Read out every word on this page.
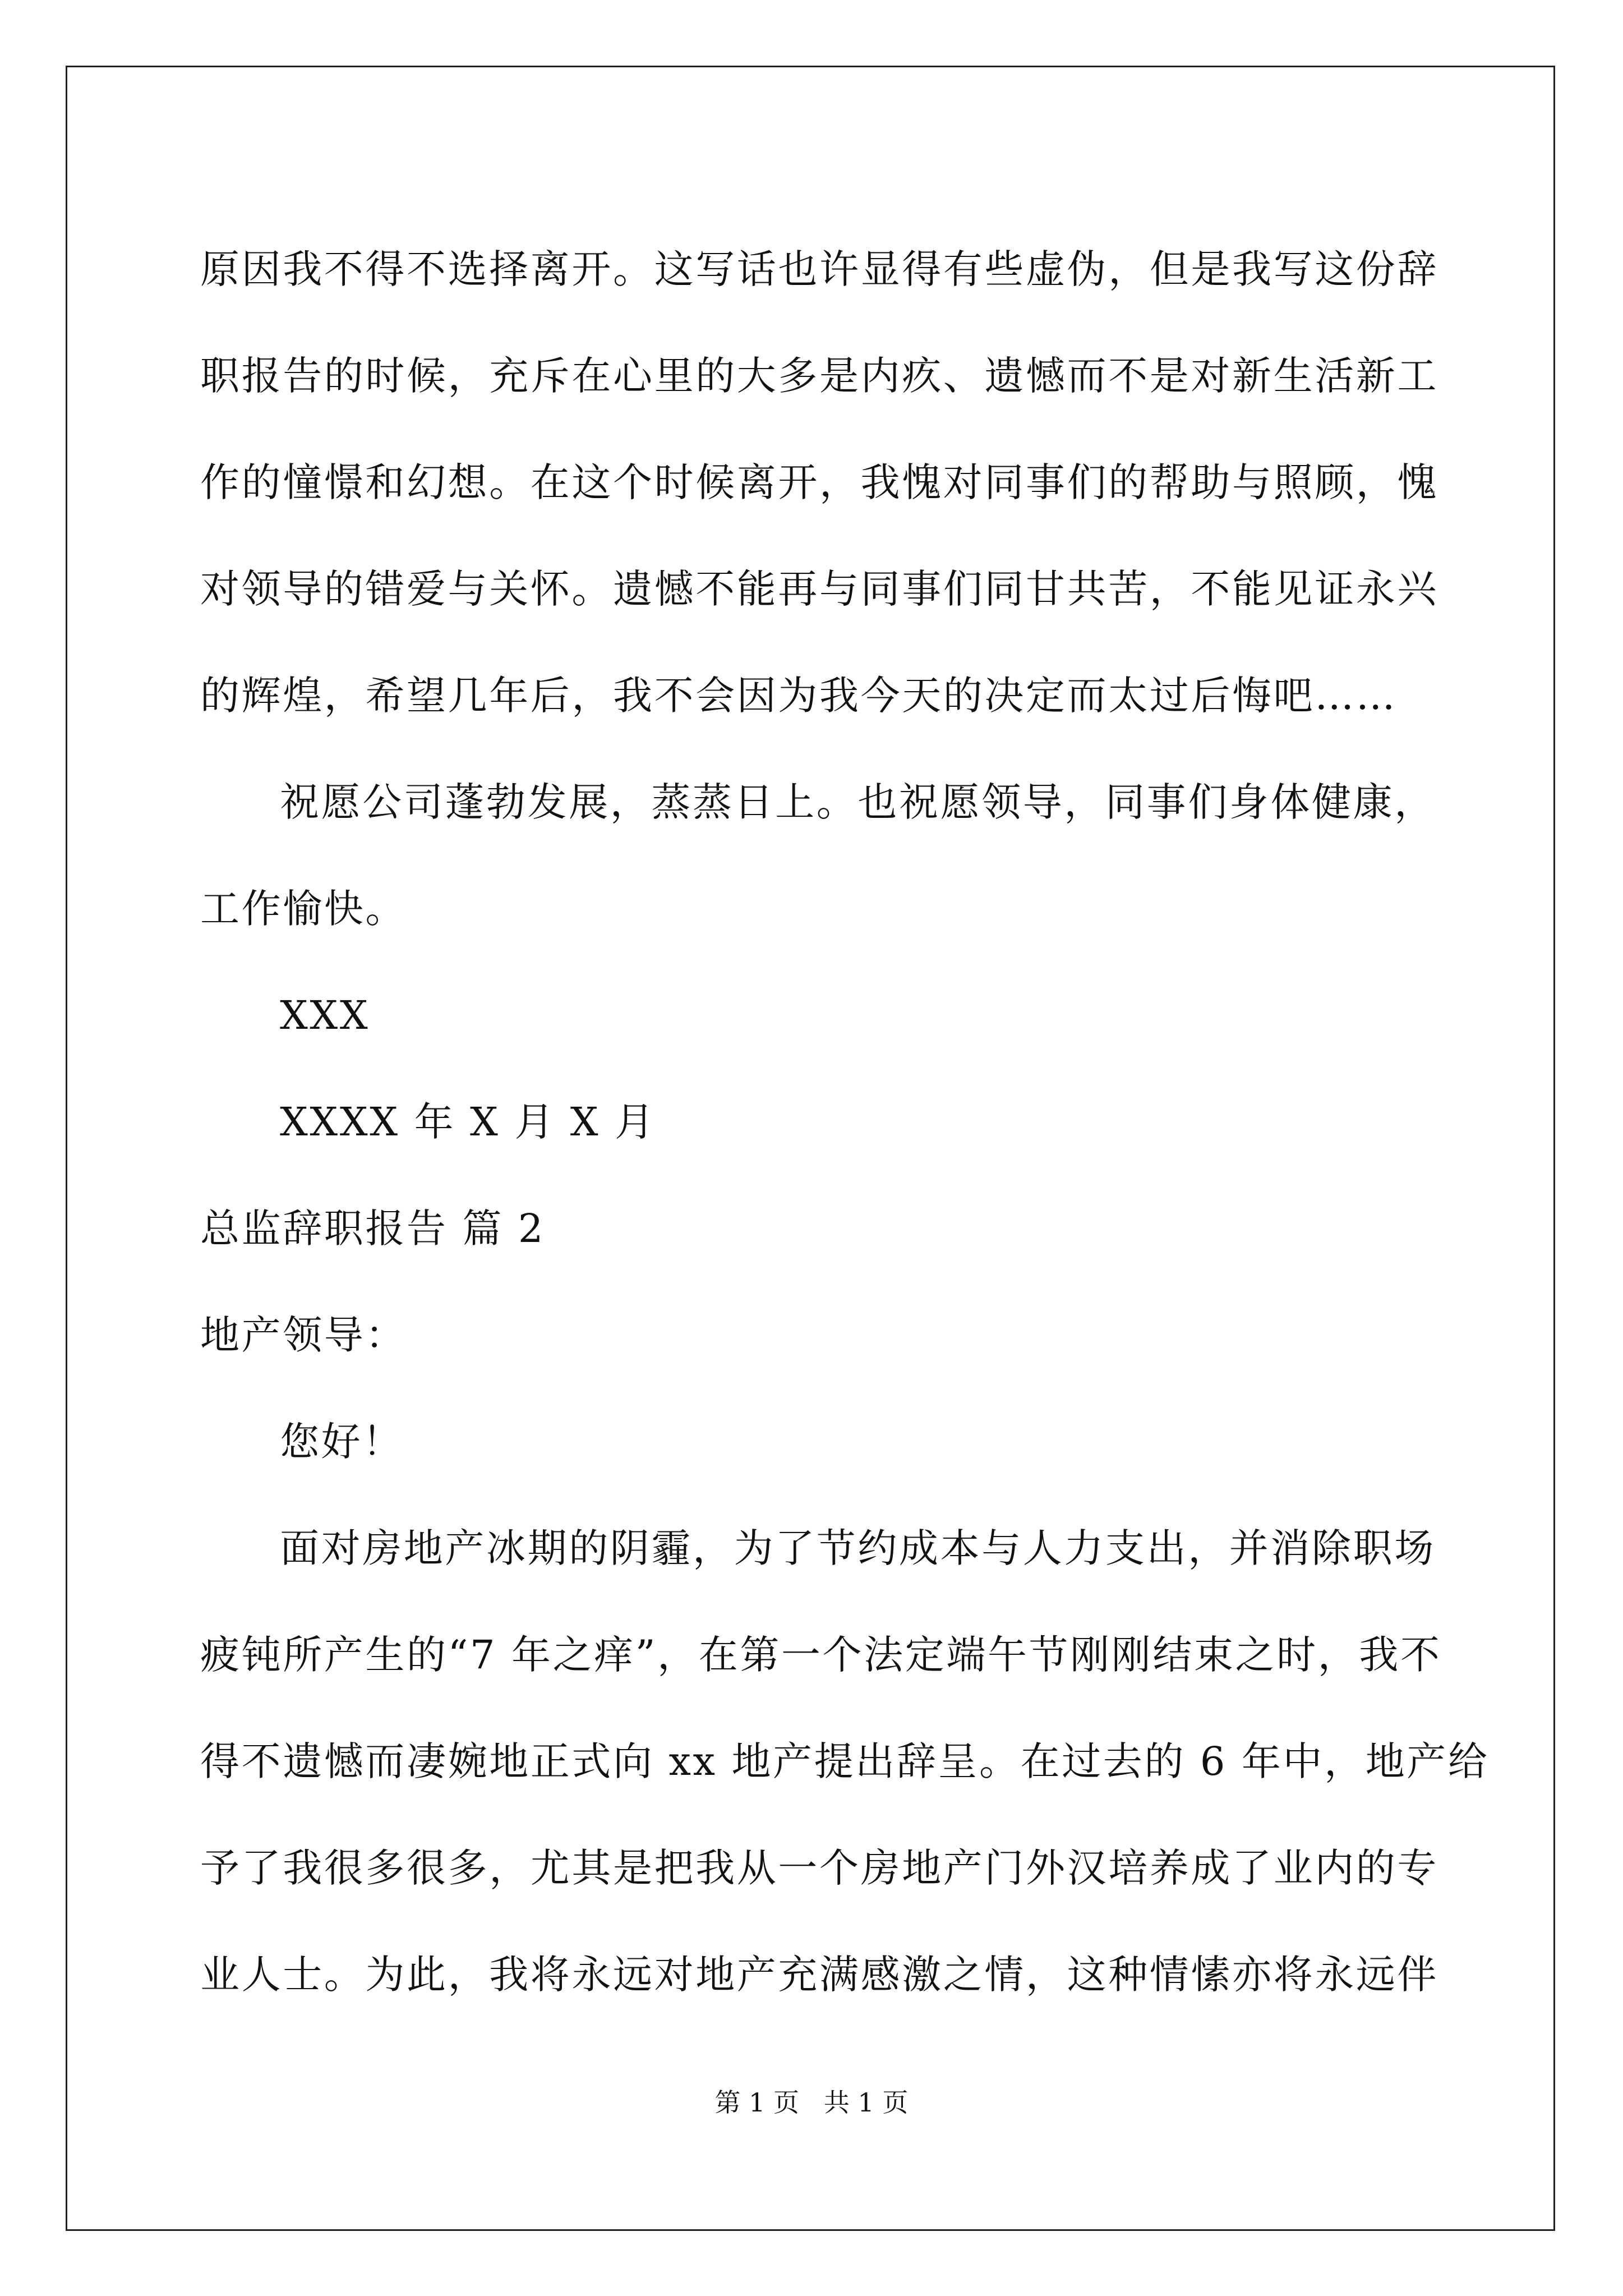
原因我不得不选择离开。这写话也许显得有些虚伪，但是我写这份辞
职报告的时候，充斥在心里的大多是内疚、遗憾而不是对新生活新工
作的憧憬和幻想。在这个时候离开，我愧对同事们的帮助与照顾，愧
对领导的错爱与关怀。遗憾不能再与同事们同甘共苦，不能见证永兴
的辉煌，希望几年后，我不会因为我今天的决定而太过后悔吧……
祝愿公司蓬勃发展，蒸蒸日上。也祝愿领导，同事们身体健康，
工作愉快。
XXX
XXXX 年 X 月 X 月
总监辞职报告 篇 2
地产领导：
您好！
面对房地产冰期的阴霾，为了节约成本与人力支出，并消除职场
疲钝所产生的“7 年之痒”，在第一个法定端午节刚刚结束之时，我不
得不遗憾而凄婉地正式向 xx 地产提出辞呈。在过去的 6 年中，地产给
予了我很多很多，尤其是把我从一个房地产门外汉培养成了业内的专
业人士。为此，我将永远对地产充满感激之情，这种情愫亦将永远伴
第 1 页   共 1 页
